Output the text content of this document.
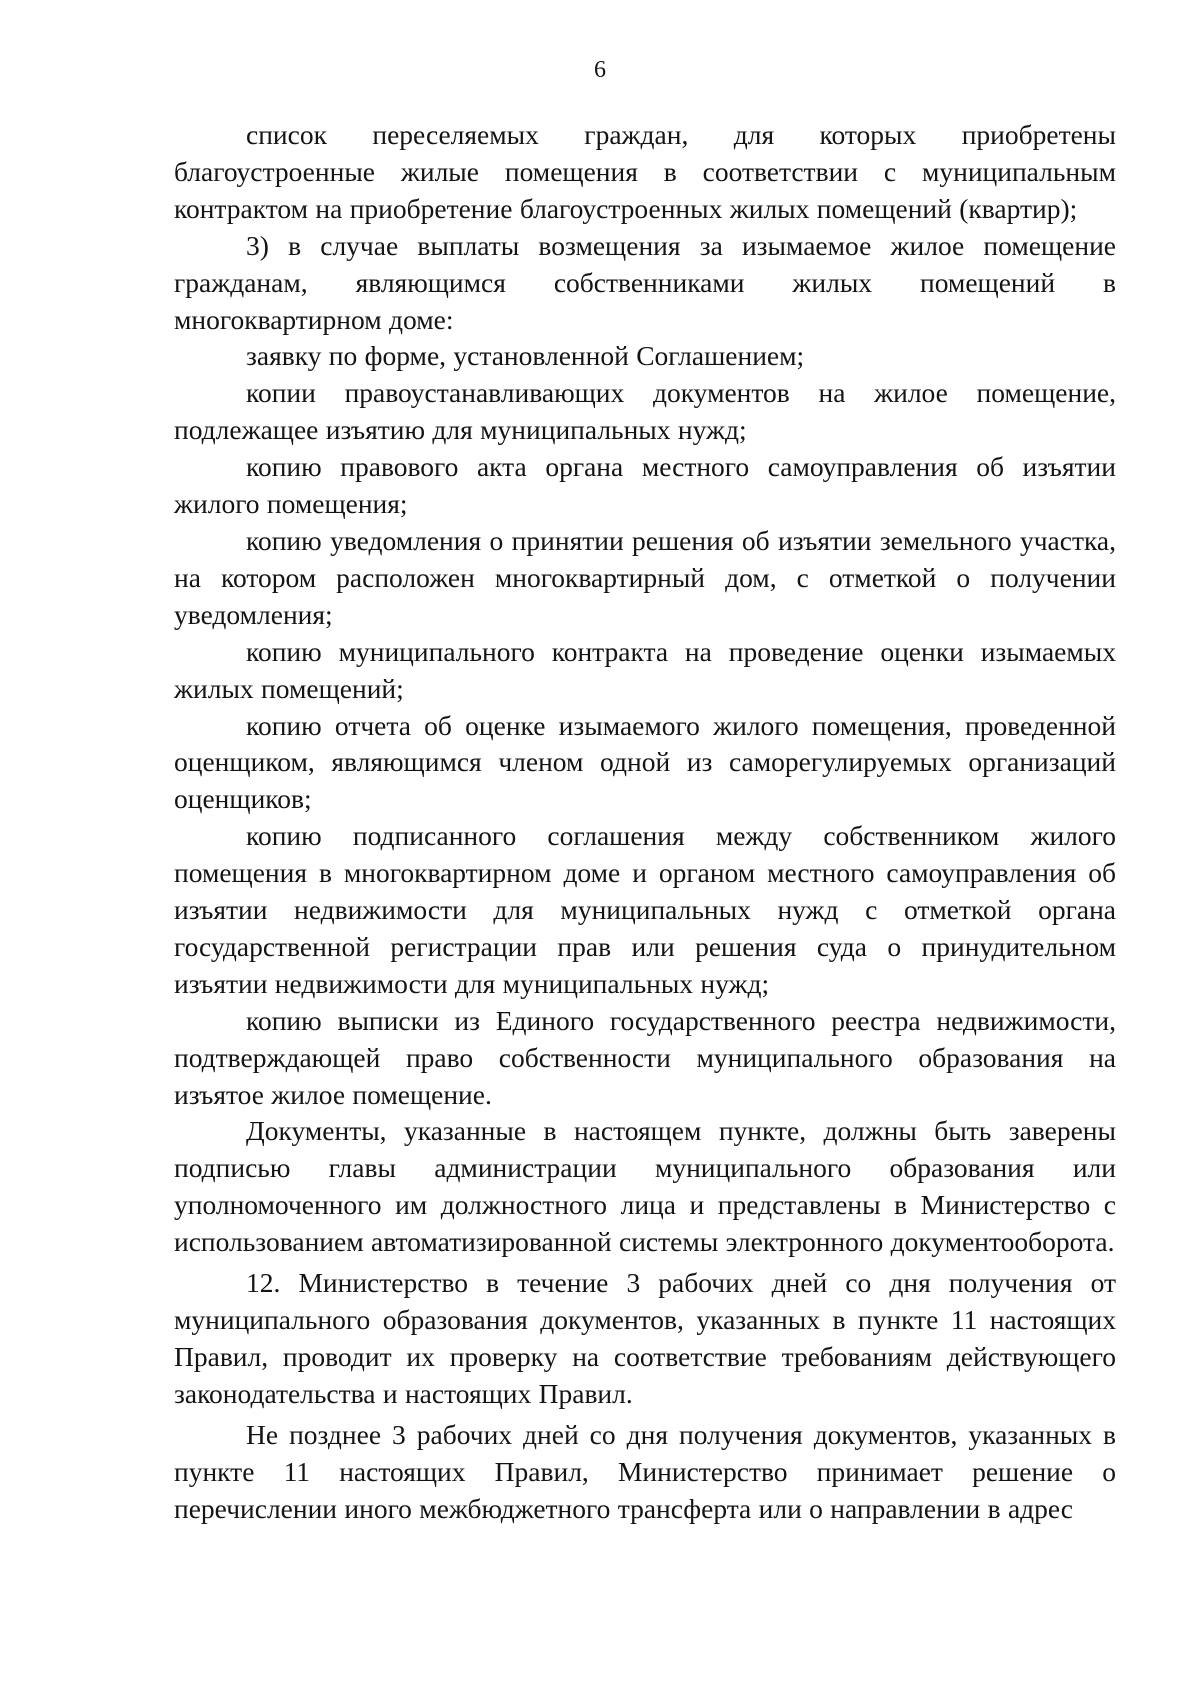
6

список переселяемых граждан, для которых приобретены благоустроенные жилые помещения в соответствии с муниципальным контрактом на приобретение благоустроенных жилых помещений (квартир);

3) в случае выплаты возмещения за изымаемое жилое помещение гражданам, являющимся собственниками жилых помещений в многоквартирном доме:

заявку по форме, установленной Соглашением;

копии правоустанавливающих документов на жилое помещение, подлежащее изъятию для муниципальных нужд;

копию правового акта органа местного самоуправления об изъятии жилого помещения;

копию уведомления о принятии решения об изъятии земельного участка, на котором расположен многоквартирный дом, с отметкой о получении уведомления;

копию муниципального контракта на проведение оценки изымаемых жилых помещений;

копию отчета об оценке изымаемого жилого помещения, проведенной оценщиком, являющимся членом одной из саморегулируемых организаций оценщиков;

копию подписанного соглашения между собственником жилого помещения в многоквартирном доме и органом местного самоуправления об изъятии недвижимости для муниципальных нужд с отметкой органа государственной регистрации прав или решения суда о принудительном изъятии недвижимости для муниципальных нужд;

копию выписки из Единого государственного реестра недвижимости, подтверждающей право собственности муниципального образования на изъятое жилое помещение.

Документы, указанные в настоящем пункте, должны быть заверены подписью главы администрации муниципального образования или уполномоченного им должностного лица и представлены в Министерство с использованием автоматизированной системы электронного документооборота.

12. Министерство в течение 3 рабочих дней со дня получения от муниципального образования документов, указанных в пункте 11 настоящих Правил, проводит их проверку на соответствие требованиям действующего законодательства и настоящих Правил.

Не позднее 3 рабочих дней со дня получения документов, указанных в пункте 11 настоящих Правил, Министерство принимает решение о перечислении иного межбюджетного трансферта или о направлении в адрес
